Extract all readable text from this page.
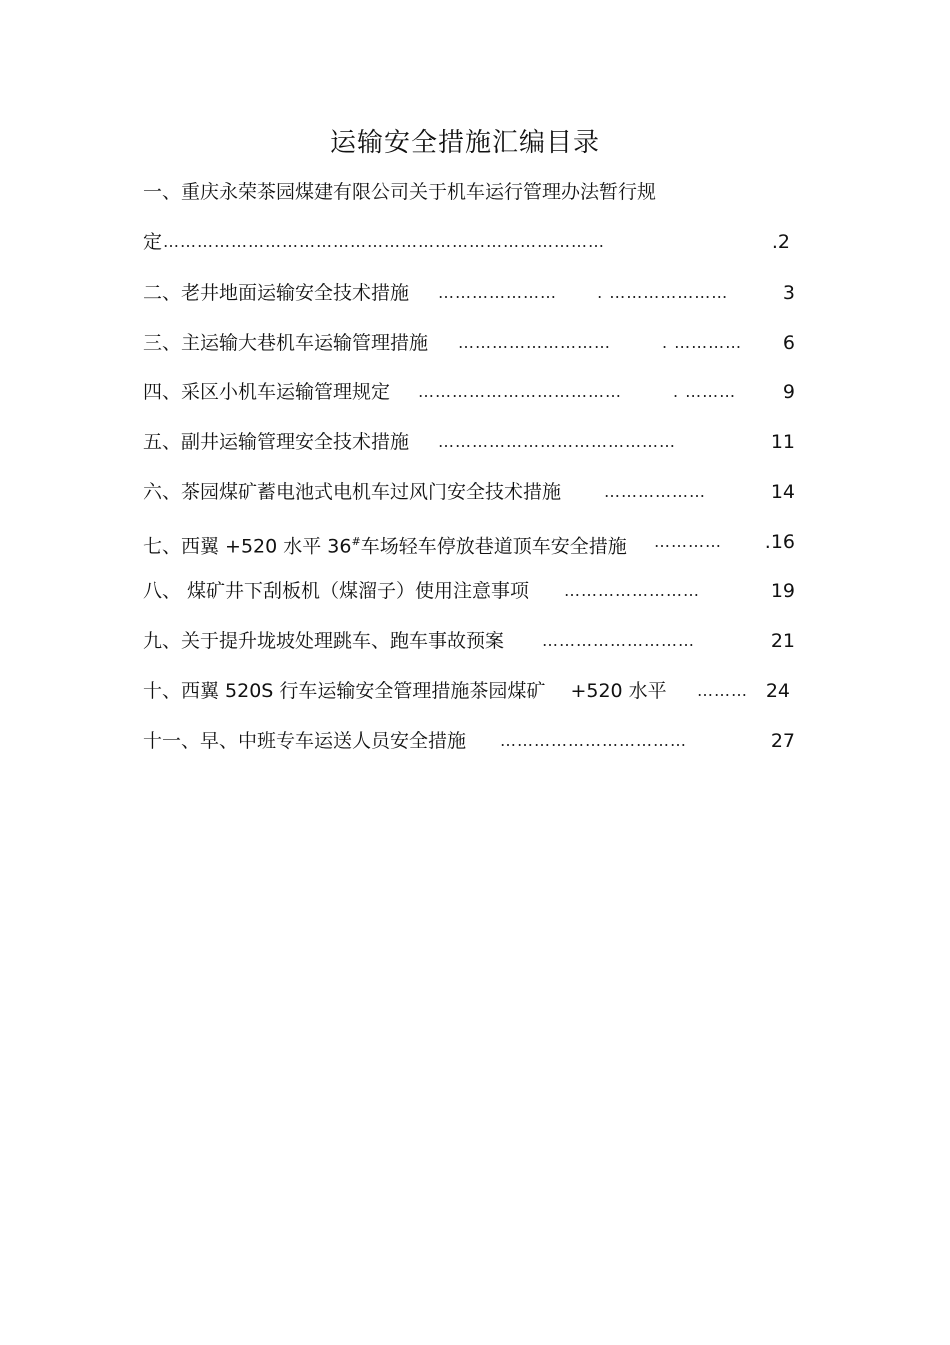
运输安全措施汇编目录
一、重庆永荣茶园煤建有限公司关于机车运行管理办法暂行规
定 ……………………………………………………………………	.2
二、老井地面运输安全技术措施 …………………　　 . …………………	3
三、主运输大巷机车运输管理措施 ………………………　　　. …………	6
四、采区小机车运输管理规定 ………………………………　　　. ………	9
五、副井运输管理安全技术措施 ……………………………………	11
六、茶园煤矿蓄电池式电机车过风门安全技术措施	………………	14
七、西翼 +520 水平 36#车场轻车停放巷道顶车安全措施 …………	.16
八、 煤矿井下刮板机（煤溜子）使用注意事项 ……………………	19
九、关于提升垅坡处理跳车、跑车事故预案 ………………………	21
十、西翼 520S 行车运输安全管理措施茶园煤矿　 +520 水平 ……… 24
十一、早、中班专车运送人员安全措施 ……………………………	27
